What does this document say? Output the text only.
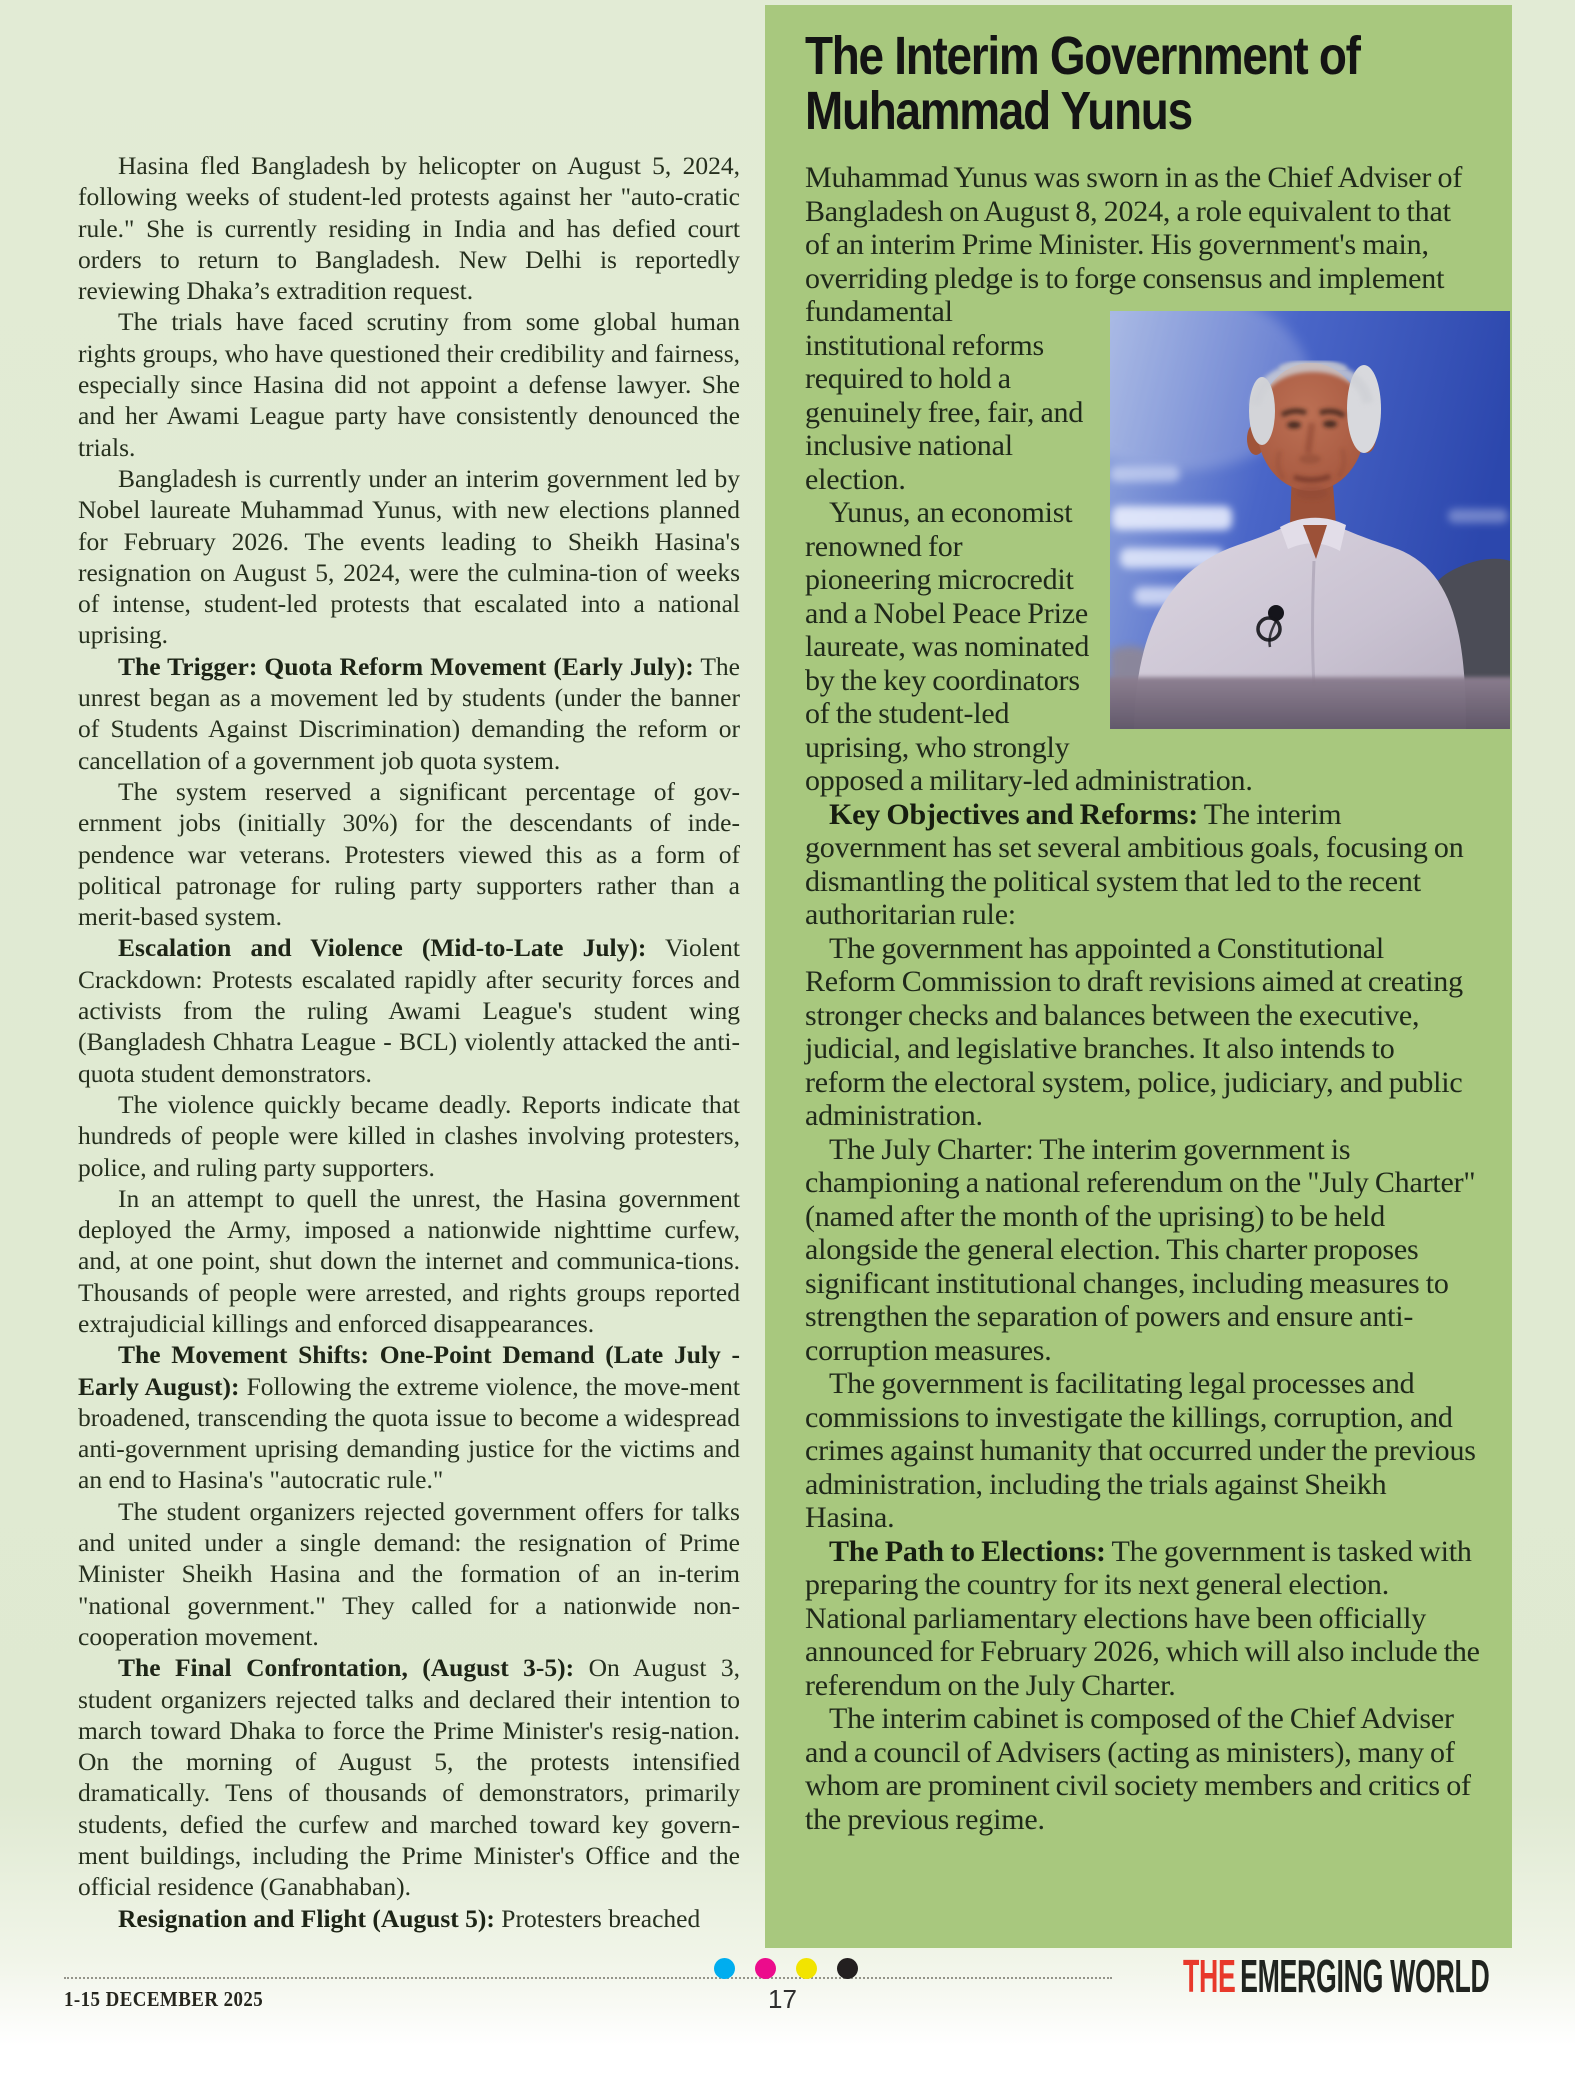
Hasina fled Bangladesh by helicopter on August 5, 2024, following weeks of student-led protests against her "auto-cratic rule." She is currently residing in India and has defied court orders to return to Bangladesh. New Delhi is reportedly reviewing Dhaka’s extradition request.

The trials have faced scrutiny from some global human rights groups, who have questioned their credibility and fairness, especially since Hasina did not appoint a defense lawyer. She and her Awami League party have consistently denounced the trials.

Bangladesh is currently under an interim government led by Nobel laureate Muhammad Yunus, with new elections planned for February 2026. The events leading to Sheikh Hasina's resignation on August 5, 2024, were the culmina-tion of weeks of intense, student-led protests that escalated into a national uprising.

The Trigger: Quota Reform Movement (Early July): The unrest began as a movement led by students (under the banner of Students Against Discrimination) demanding the reform or cancellation of a government job quota system.

The system reserved a significant percentage of gov-ernment jobs (initially 30%) for the descendants of inde-pendence war veterans. Protesters viewed this as a form of political patronage for ruling party supporters rather than a merit-based system.

Escalation and Violence (Mid-to-Late July): Violent Crackdown: Protests escalated rapidly after security forces and activists from the ruling Awami League's student wing (Bangladesh Chhatra League - BCL) violently attacked the anti-quota student demonstrators.

The violence quickly became deadly. Reports indicate that hundreds of people were killed in clashes involving protesters, police, and ruling party supporters.

In an attempt to quell the unrest, the Hasina government deployed the Army, imposed a nationwide nighttime curfew, and, at one point, shut down the internet and communica-tions. Thousands of people were arrested, and rights groups reported extrajudicial killings and enforced disappearances.

The Movement Shifts: One-Point Demand (Late July - Early August): Following the extreme violence, the move-ment broadened, transcending the quota issue to become a widespread anti-government uprising demanding justice for the victims and an end to Hasina's "autocratic rule."

The student organizers rejected government offers for talks and united under a single demand: the resignation of Prime Minister Sheikh Hasina and the formation of an in-terim "national government." They called for a nationwide non-cooperation movement.

The Final Confrontation, (August 3-5): On August 3, student organizers rejected talks and declared their intention to march toward Dhaka to force the Prime Minister's resig-nation. On the morning of August 5, the protests intensified dramatically. Tens of thousands of demonstrators, primarily students, defied the curfew and marched toward key govern-ment buildings, including the Prime Minister's Office and the official residence (Ganabhaban).

Resignation and Flight (August 5): Protesters breached

The Interim Government of
Muhammad Yunus

Muhammad Yunus was sworn in as the Chief Adviser of Bangladesh on August 8, 2024, a role equivalent to that of an interim Prime Minister. His government's main, overriding pledge is to forge consensus and implement fundamental institutional reforms required to hold a genuinely free, fair, and inclusive national election.

Yunus, an economist renowned for pioneering microcredit and a Nobel Peace Prize laureate, was nominated by the key coordinators of the student-led uprising, who strongly opposed a military-led administration.

Key Objectives and Reforms: The interim government has set several ambitious goals, focusing on dismantling the political system that led to the recent authoritarian rule:

The government has appointed a Constitutional Reform Commission to draft revisions aimed at creating stronger checks and balances between the executive, judicial, and legislative branches. It also intends to reform the electoral system, police, judiciary, and public administration.

The July Charter: The interim government is championing a national referendum on the "July Charter" (named after the month of the uprising) to be held alongside the general election. This charter proposes significant institutional changes, including measures to strengthen the separation of powers and ensure anti-corruption measures.

The government is facilitating legal processes and commissions to investigate the killings, corruption, and crimes against humanity that occurred under the previous administration, including the trials against Sheikh Hasina.

The Path to Elections: The government is tasked with preparing the country for its next general election. National parliamentary elections have been officially announced for February 2026, which will also include the referendum on the July Charter.

The interim cabinet is composed of the Chief Adviser and a council of Advisers (acting as ministers), many of whom are prominent civil society members and critics of the previous regime.

1-15 DECEMBER 2025	17	THE EMERGING WORLD
